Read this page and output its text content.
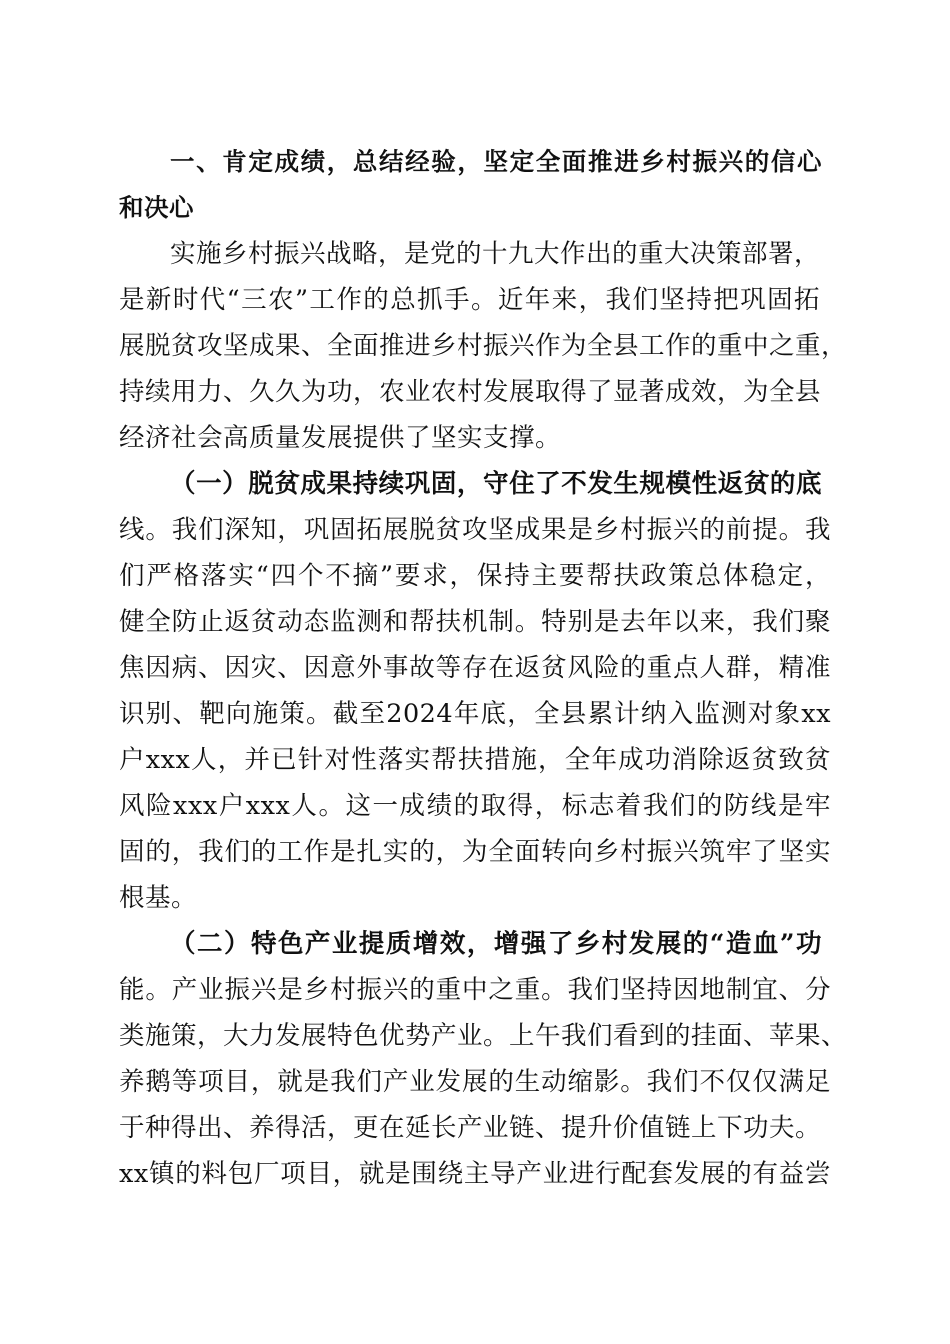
一、肯定成绩，总结经验，坚定全面推进乡村振兴的信心
和决心
实施乡村振兴战略，是党的十九大作出的重大决策部署，
是新时代“三农”工作的总抓手。近年来，我们坚持把巩固拓
展脱贫攻坚成果、全面推进乡村振兴作为全县工作的重中之重，
持续用力、久久为功，农业农村发展取得了显著成效，为全县
经济社会高质量发展提供了坚实支撑。
（一）脱贫成果持续巩固，守住了不发生规模性返贫的底
线。我们深知，巩固拓展脱贫攻坚成果是乡村振兴的前提。我
们严格落实“四个不摘”要求，保持主要帮扶政策总体稳定，
健全防止返贫动态监测和帮扶机制。特别是去年以来，我们聚
焦因病、因灾、因意外事故等存在返贫风险的重点人群，精准
识别、靶向施策。截至2024年底，全县累计纳入监测对象xx
户xxx人，并已针对性落实帮扶措施，全年成功消除返贫致贫
风险xxx户xxx人。这一成绩的取得，标志着我们的防线是牢
固的，我们的工作是扎实的，为全面转向乡村振兴筑牢了坚实
根基。
（二）特色产业提质增效，增强了乡村发展的“造血”功
能。产业振兴是乡村振兴的重中之重。我们坚持因地制宜、分
类施策，大力发展特色优势产业。上午我们看到的挂面、苹果、
养鹅等项目，就是我们产业发展的生动缩影。我们不仅仅满足
于种得出、养得活，更在延长产业链、提升价值链上下功夫。
xx镇的料包厂项目，就是围绕主导产业进行配套发展的有益尝
